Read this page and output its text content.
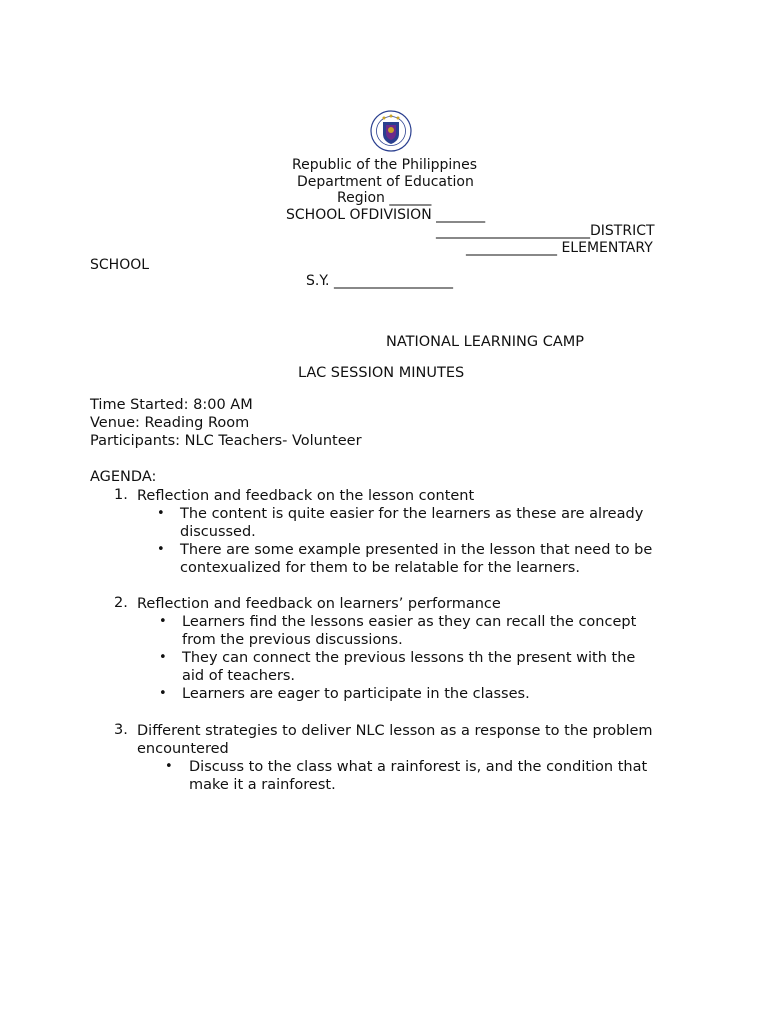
Republic of the Philippines
Department of Education
Region ______
SCHOOL OFDIVISION _______
______________________DISTRICT
_____________ ELEMENTARY
SCHOOL
S.Y. _________________
NATIONAL LEARNING CAMP
LAC SESSION MINUTES
Time Started: 8:00 AM
Venue: Reading Room
Participants: NLC Teachers- Volunteer
AGENDA:
1. Reflection and feedback on the lesson content
• The content is quite easier for the learners as these are already
discussed.
• There are some example presented in the lesson that need to be
contexualized for them to be relatable for the learners.
2. Reflection and feedback on learners’ performance
• Learners find the lessons easier as they can recall the concept
from the previous discussions.
• They can connect the previous lessons th the present with the
aid of teachers.
• Learners are eager to participate in the classes.
3. Different strategies to deliver NLC lesson as a response to the problem
encountered
• Discuss to the class what a rainforest is, and the condition that
make it a rainforest.
